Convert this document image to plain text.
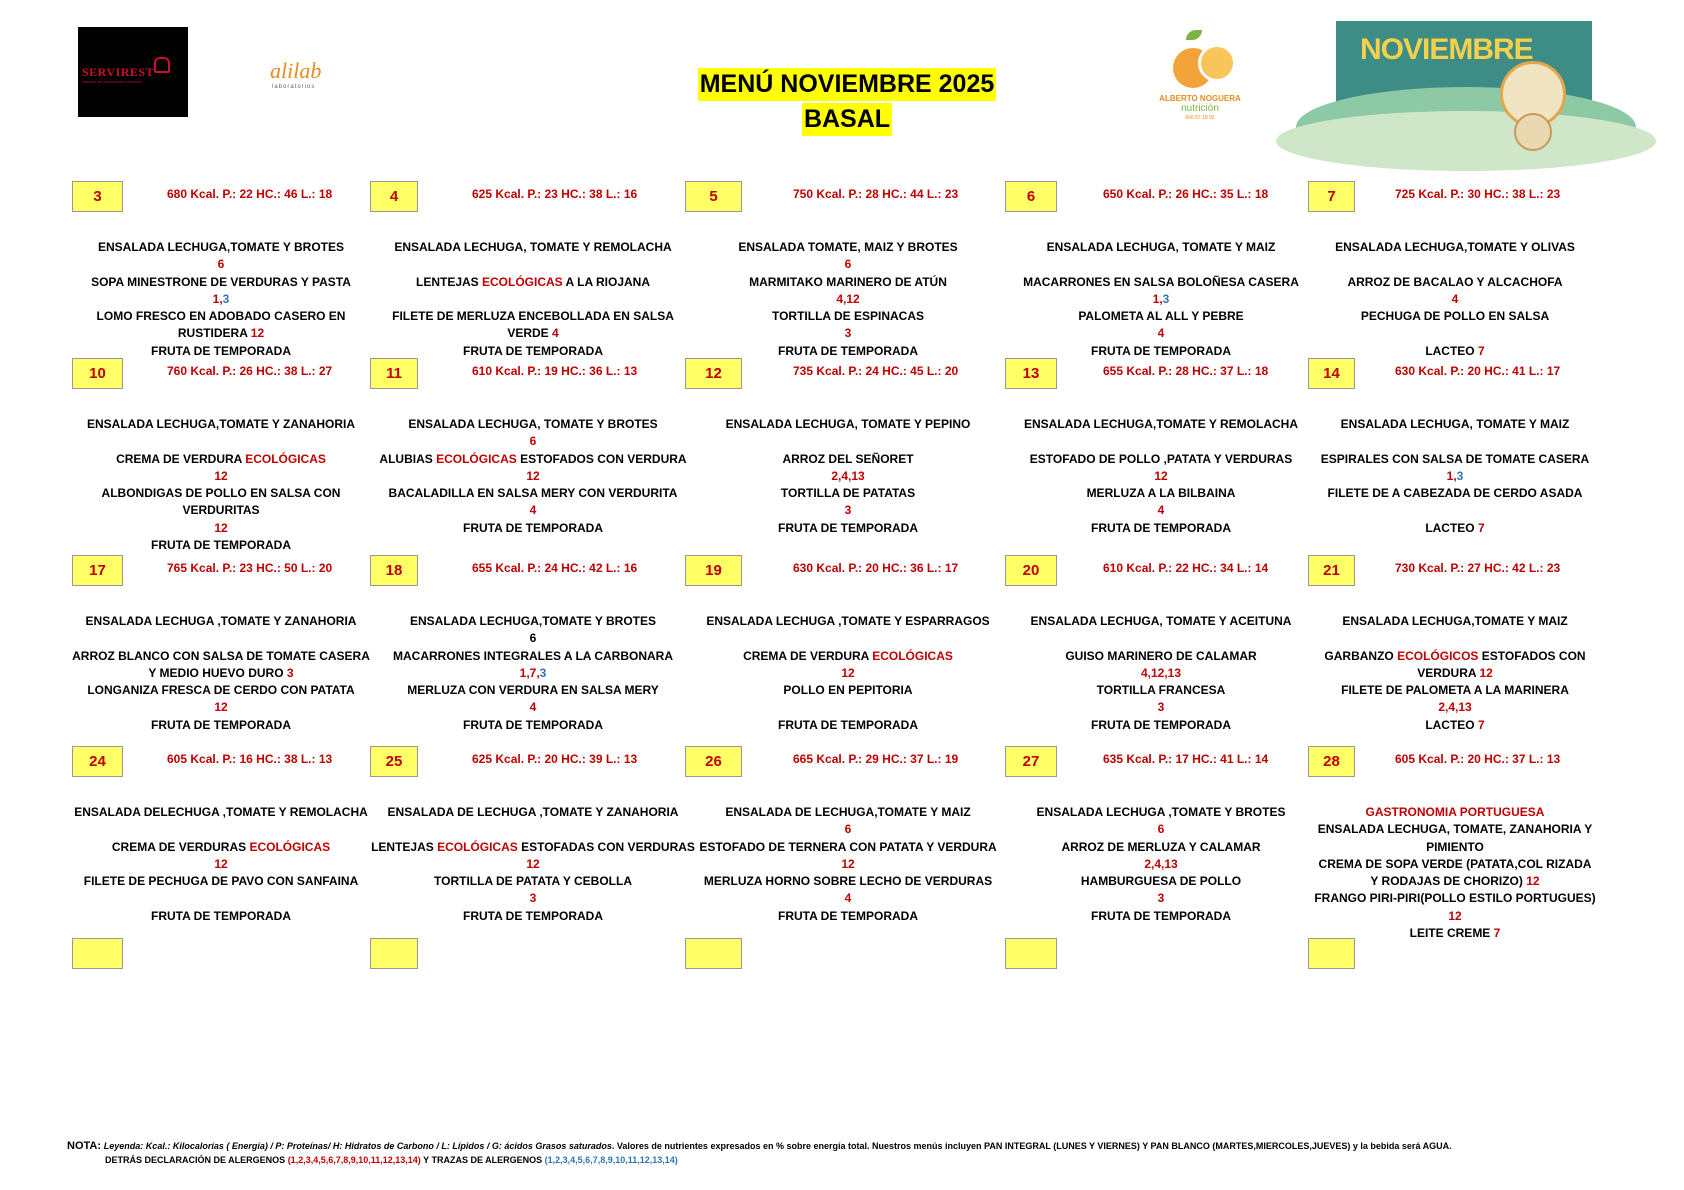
SERVIREST
Servicio de restauración colectiva	alilab
laboratorios	MENÚ NOVIEMBRE 2025
BASAL
ALBERTO NOGUERA
nutrición
666 57 18 92
NOVIEMBRE
3	680 Kcal. P.: 22 HC.: 46 L.: 18
ENSALADA LECHUGA,TOMATE Y BROTES
6
SOPA MINESTRONE DE VERDURAS Y PASTA
1,3
LOMO FRESCO EN ADOBADO CASERO EN
RUSTIDERA 12
FRUTA DE TEMPORADA
4	625 Kcal. P.: 23 HC.: 38 L.: 16
ENSALADA LECHUGA, TOMATE Y REMOLACHA
LENTEJAS ECOLÓGICAS A LA RIOJANA
FILETE DE MERLUZA ENCEBOLLADA EN SALSA
VERDE 4
FRUTA DE TEMPORADA
5	750 Kcal. P.: 28 HC.: 44 L.: 23
ENSALADA TOMATE, MAIZ Y BROTES
6
MARMITAKO MARINERO DE ATÚN
4,12
TORTILLA DE ESPINACAS
3
FRUTA DE TEMPORADA
6	650 Kcal. P.: 26 HC.: 35 L.: 18
ENSALADA LECHUGA, TOMATE Y MAIZ
MACARRONES EN SALSA BOLOÑESA CASERA
1,3
PALOMETA AL ALL Y PEBRE
4
FRUTA DE TEMPORADA
7	725 Kcal. P.: 30 HC.: 38 L.: 23
ENSALADA LECHUGA,TOMATE Y OLIVAS
ARROZ DE BACALAO Y ALCACHOFA
4
PECHUGA DE POLLO EN SALSA
LACTEO 7
10	760 Kcal. P.: 26 HC.: 38 L.: 27
ENSALADA LECHUGA,TOMATE Y ZANAHORIA
CREMA DE VERDURA ECOLÓGICAS
12
ALBONDIGAS DE POLLO EN SALSA CON
VERDURITAS
12
FRUTA DE TEMPORADA
11	610 Kcal. P.: 19 HC.: 36 L.: 13
ENSALADA LECHUGA, TOMATE Y BROTES
6
ALUBIAS ECOLÓGICAS ESTOFADOS CON VERDURA
12
BACALADILLA EN SALSA MERY CON VERDURITA
4
FRUTA DE TEMPORADA
12	735 Kcal. P.: 24 HC.: 45 L.: 20
ENSALADA LECHUGA, TOMATE Y PEPINO
ARROZ DEL SEÑORET
2,4,13
TORTILLA DE PATATAS
3
FRUTA DE TEMPORADA
13	655 Kcal. P.: 28 HC.: 37 L.: 18
ENSALADA LECHUGA,TOMATE Y REMOLACHA
ESTOFADO DE POLLO ,PATATA Y VERDURAS
12
MERLUZA A LA BILBAINA
4
FRUTA DE TEMPORADA
14	630 Kcal. P.: 20 HC.: 41 L.: 17
ENSALADA LECHUGA, TOMATE Y MAIZ
ESPIRALES CON SALSA DE TOMATE CASERA
1,3
FILETE DE A CABEZADA DE CERDO ASADA
LACTEO 7
17	765 Kcal. P.: 23 HC.: 50 L.: 20
ENSALADA LECHUGA ,TOMATE Y ZANAHORIA
ARROZ BLANCO CON SALSA DE TOMATE CASERA
Y MEDIO HUEVO DURO 3
LONGANIZA FRESCA DE CERDO CON PATATA
12
FRUTA DE TEMPORADA
18	655 Kcal. P.: 24 HC.: 42 L.: 16
ENSALADA LECHUGA,TOMATE Y BROTES
6
MACARRONES INTEGRALES A LA CARBONARA
1,7,3
MERLUZA CON VERDURA EN SALSA MERY
4
FRUTA DE TEMPORADA
19	630 Kcal. P.: 20 HC.: 36 L.: 17
ENSALADA LECHUGA ,TOMATE Y ESPARRAGOS
CREMA DE VERDURA ECOLÓGICAS
12
POLLO EN PEPITORIA
FRUTA DE TEMPORADA
20	610 Kcal. P.: 22 HC.: 34 L.: 14
ENSALADA LECHUGA, TOMATE Y ACEITUNA
GUISO MARINERO DE CALAMAR
4,12,13
TORTILLA FRANCESA
3
FRUTA DE TEMPORADA
21	730 Kcal. P.: 27 HC.: 42 L.: 23
ENSALADA LECHUGA,TOMATE Y MAIZ
GARBANZO ECOLÓGICOS ESTOFADOS CON
VERDURA 12
FILETE DE PALOMETA A LA MARINERA
2,4,13
LACTEO 7
24	605 Kcal. P.: 16 HC.: 38 L.: 13
ENSALADA DELECHUGA ,TOMATE Y REMOLACHA
CREMA DE VERDURAS ECOLÓGICAS
12
FILETE DE PECHUGA DE PAVO CON SANFAINA
FRUTA DE TEMPORADA
25	625 Kcal. P.: 20 HC.: 39 L.: 13
ENSALADA DE LECHUGA ,TOMATE Y ZANAHORIA
LENTEJAS ECOLÓGICAS ESTOFADAS CON VERDURAS
12
TORTILLA DE PATATA Y CEBOLLA
3
FRUTA DE TEMPORADA
26	665 Kcal. P.: 29 HC.: 37 L.: 19
ENSALADA DE LECHUGA,TOMATE Y MAIZ
6
ESTOFADO DE TERNERA CON PATATA Y VERDURA
12
MERLUZA HORNO SOBRE LECHO DE VERDURAS
4
FRUTA DE TEMPORADA
27	635 Kcal. P.: 17 HC.: 41 L.: 14
ENSALADA LECHUGA ,TOMATE Y BROTES
6
ARROZ DE MERLUZA Y CALAMAR
2,4,13
HAMBURGUESA DE POLLO
3
FRUTA DE TEMPORADA
28	605 Kcal. P.: 20 HC.: 37 L.: 13
GASTRONOMIA PORTUGUESA
ENSALADA LECHUGA, TOMATE, ZANAHORIA Y
PIMIENTO
CREMA DE SOPA VERDE (PATATA,COL RIZADA
Y RODAJAS DE CHORIZO) 12
FRANGO PIRI-PIRI(POLLO ESTILO PORTUGUES)
12
LEITE CREME 7
NOTA: Leyenda: Kcal.: Kilocalorías ( Energía) / P: Proteínas/ H: Hidratos de Carbono / L: Lípidos / G: ácidos Grasos saturados. Valores de nutrientes expresados en % sobre energía total. Nuestros menús incluyen PAN INTEGRAL (LUNES Y VIERNES) Y PAN BLANCO (MARTES,MIERCOLES,JUEVES) y la bebida será AGUA.
DETRÁS DECLARACIÓN DE ALERGENOS (1,2,3,4,5,6,7,8,9,10,11,12,13,14) Y TRAZAS DE ALERGENOS (1,2,3,4,5,6,7,8,9,10,11,12,13,14)
